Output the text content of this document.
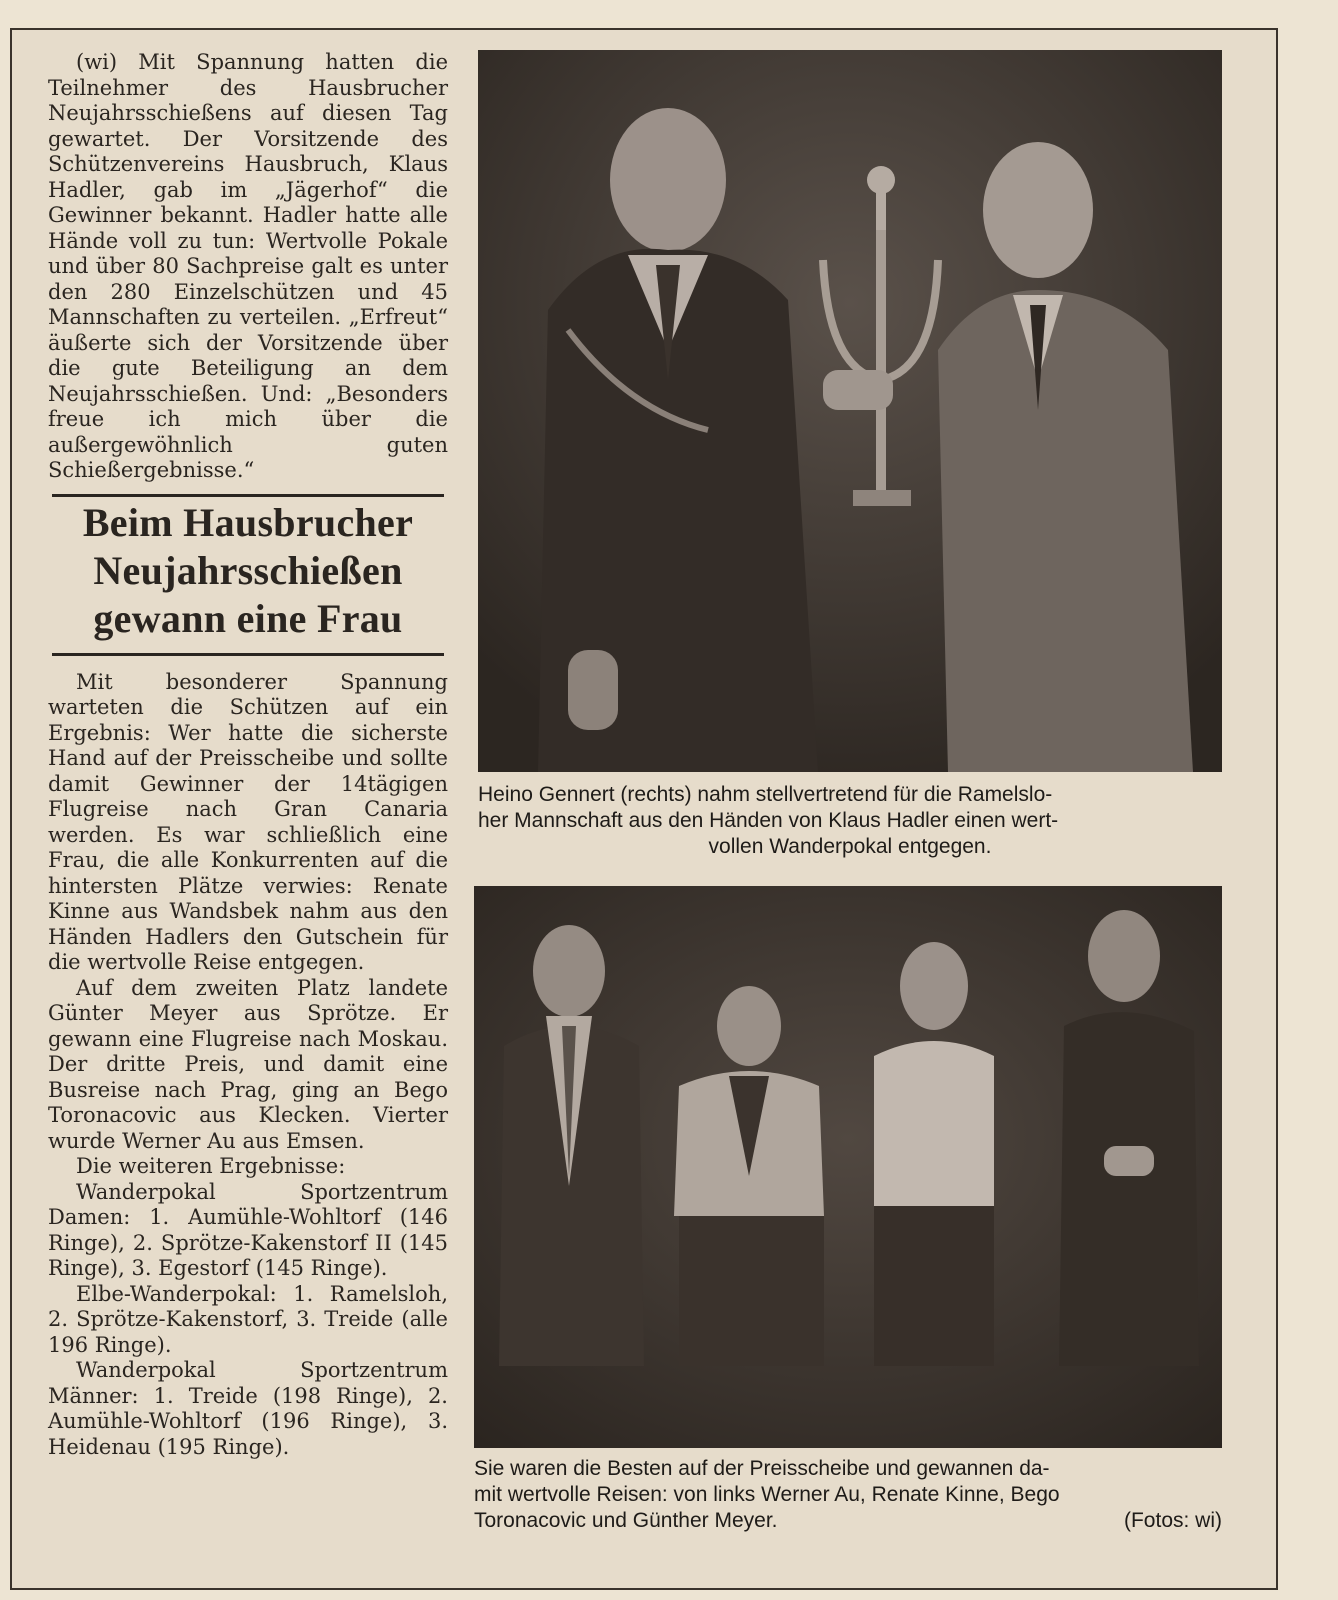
(wi) Mit Spannung hatten die Teilnehmer des Hausbrucher Neujahrsschießens auf diesen Tag gewartet. Der Vorsitzende des Schützenvereins Hausbruch, Klaus Hadler, gab im „Jägerhof“ die Gewinner bekannt. Hadler hatte alle Hände voll zu tun: Wertvolle Pokale und über 80 Sachpreise galt es unter den 280 Einzelschützen und 45 Mannschaften zu verteilen. „Erfreut“ äußerte sich der Vorsitzende über die gute Beteiligung an dem Neujahrsschießen. Und: „Besonders freue ich mich über die außergewöhnlich guten Schießergebnisse.“

Beim Hausbrucher
Neujahrsschießen
gewann eine Frau

Mit besonderer Spannung warteten die Schützen auf ein Ergebnis: Wer hatte die sicherste Hand auf der Preisscheibe und sollte damit Gewinner der 14tägigen Flugreise nach Gran Canaria werden. Es war schließlich eine Frau, die alle Konkurrenten auf die hintersten Plätze verwies: Renate Kinne aus Wandsbek nahm aus den Händen Hadlers den Gutschein für die wertvolle Reise entgegen.

Auf dem zweiten Platz landete Günter Meyer aus Sprötze. Er gewann eine Flugreise nach Moskau. Der dritte Preis, und damit eine Busreise nach Prag, ging an Bego Toronacovic aus Klecken. Vierter wurde Werner Au aus Emsen.

Die weiteren Ergebnisse:

Wanderpokal Sportzentrum Damen: 1. Aumühle-Wohltorf (146 Ringe), 2. Sprötze-Kakenstorf II (145 Ringe), 3. Egestorf (145 Ringe).

Elbe-Wanderpokal: 1. Ramelsloh, 2. Sprötze-Kakenstorf, 3. Treide (alle 196 Ringe).

Wanderpokal Sportzentrum Männer: 1. Treide (198 Ringe), 2. Aumühle-Wohltorf (196 Ringe), 3. Heidenau (195 Ringe).

Heino Gennert (rechts) nahm stellvertretend für die Ramelslo-
her Mannschaft aus den Händen von Klaus Hadler einen wert-
vollen Wanderpokal entgegen.
Sie waren die Besten auf der Preisscheibe und gewannen da-
mit wertvolle Reisen: von links Werner Au, Renate Kinne, Bego
Toronacovic und Günther Meyer.	(Fotos: wi)
